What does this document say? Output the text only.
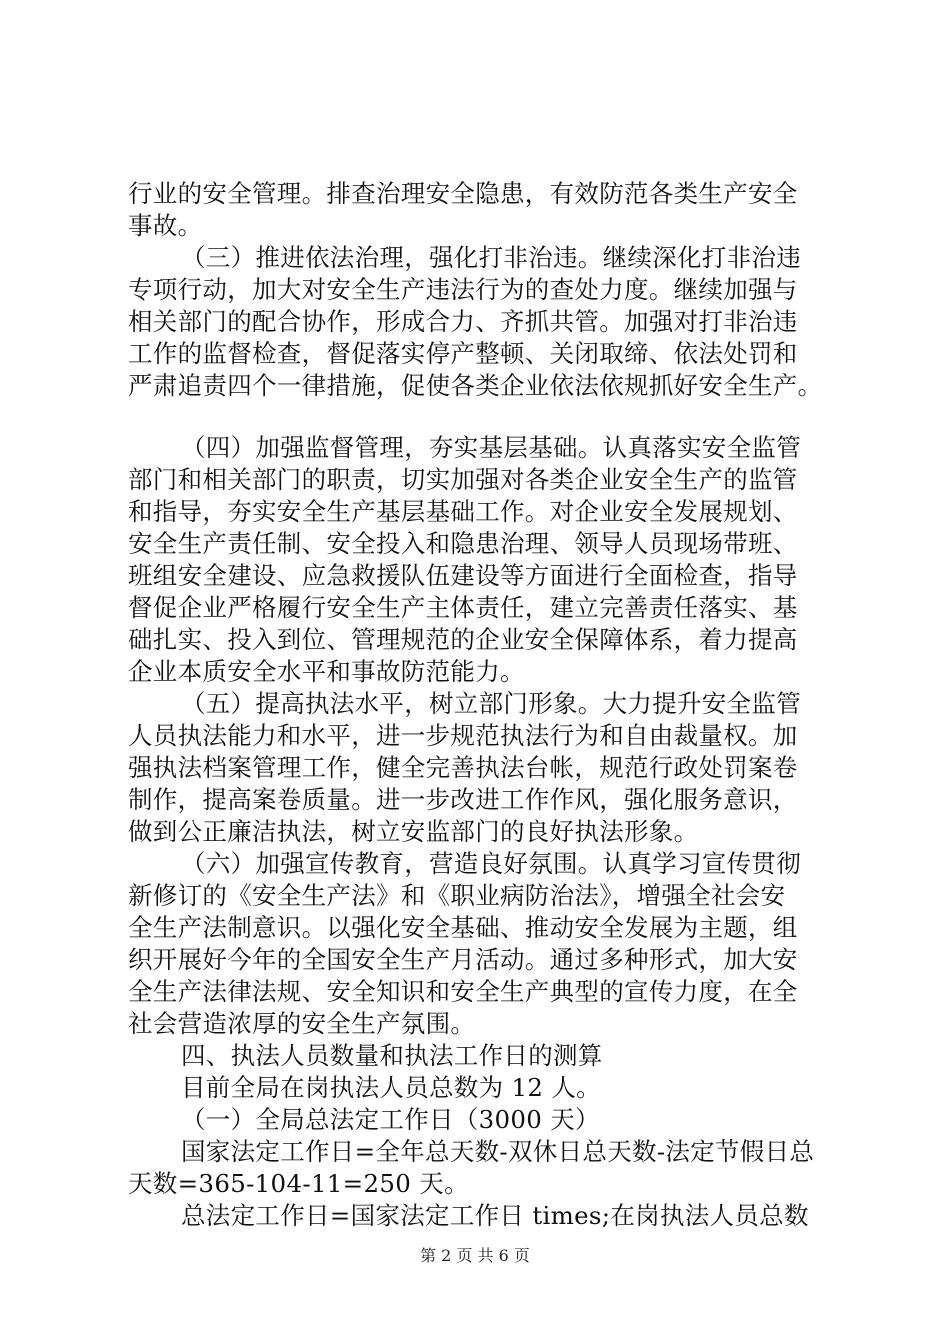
行业的安全管理。排查治理安全隐患，有效防范各类生产安全
事故。
（三）推进依法治理，强化打非治违。继续深化打非治违
专项行动，加大对安全生产违法行为的查处力度。继续加强与
相关部门的配合协作，形成合力、齐抓共管。加强对打非治违
工作的监督检查，督促落实停产整顿、关闭取缔、依法处罚和
严肃追责四个一律措施，促使各类企业依法依规抓好安全生产。
（四）加强监督管理，夯实基层基础。认真落实安全监管
部门和相关部门的职责，切实加强对各类企业安全生产的监管
和指导，夯实安全生产基层基础工作。对企业安全发展规划、
安全生产责任制、安全投入和隐患治理、领导人员现场带班、
班组安全建设、应急救援队伍建设等方面进行全面检查，指导
督促企业严格履行安全生产主体责任，建立完善责任落实、基
础扎实、投入到位、管理规范的企业安全保障体系，着力提高
企业本质安全水平和事故防范能力。
（五）提高执法水平，树立部门形象。大力提升安全监管
人员执法能力和水平，进一步规范执法行为和自由裁量权。加
强执法档案管理工作，健全完善执法台帐，规范行政处罚案卷
制作，提高案卷质量。进一步改进工作作风，强化服务意识，
做到公正廉洁执法，树立安监部门的良好执法形象。
（六）加强宣传教育，营造良好氛围。认真学习宣传贯彻
新修订的《安全生产法》和《职业病防治法》，增强全社会安
全生产法制意识。以强化安全基础、推动安全发展为主题，组
织开展好今年的全国安全生产月活动。通过多种形式，加大安
全生产法律法规、安全知识和安全生产典型的宣传力度，在全
社会营造浓厚的安全生产氛围。
四、执法人员数量和执法工作日的测算
目前全局在岗执法人员总数为 12 人。
（一）全局总法定工作日（3000 天）
国家法定工作日=全年总天数-双休日总天数-法定节假日总
天数=365-104-11=250 天。
总法定工作日=国家法定工作日 times;在岗执法人员总数
第 2 页 共 6 页
